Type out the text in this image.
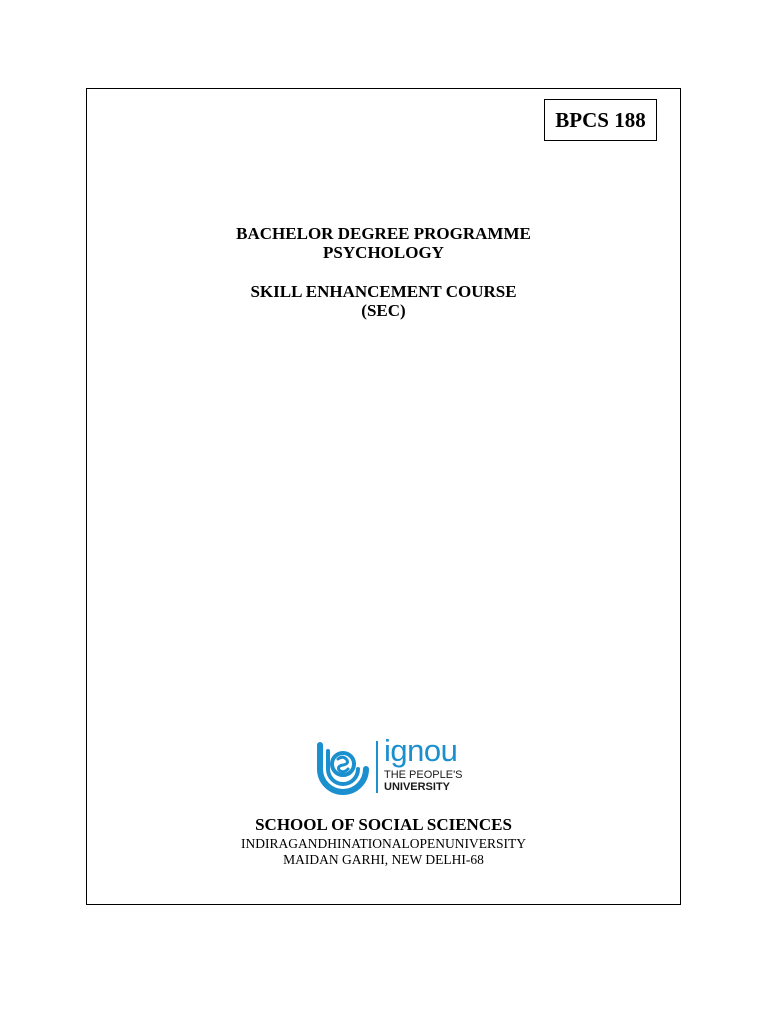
BPCS 188
BACHELOR DEGREE PROGRAMME
PSYCHOLOGY
SKILL ENHANCEMENT COURSE
(SEC)
ignou
THE PEOPLE'S
UNIVERSITY
SCHOOL OF SOCIAL SCIENCES
INDIRAGANDHINATIONALOPENUNIVERSITY
MAIDAN GARHI, NEW DELHI-68
